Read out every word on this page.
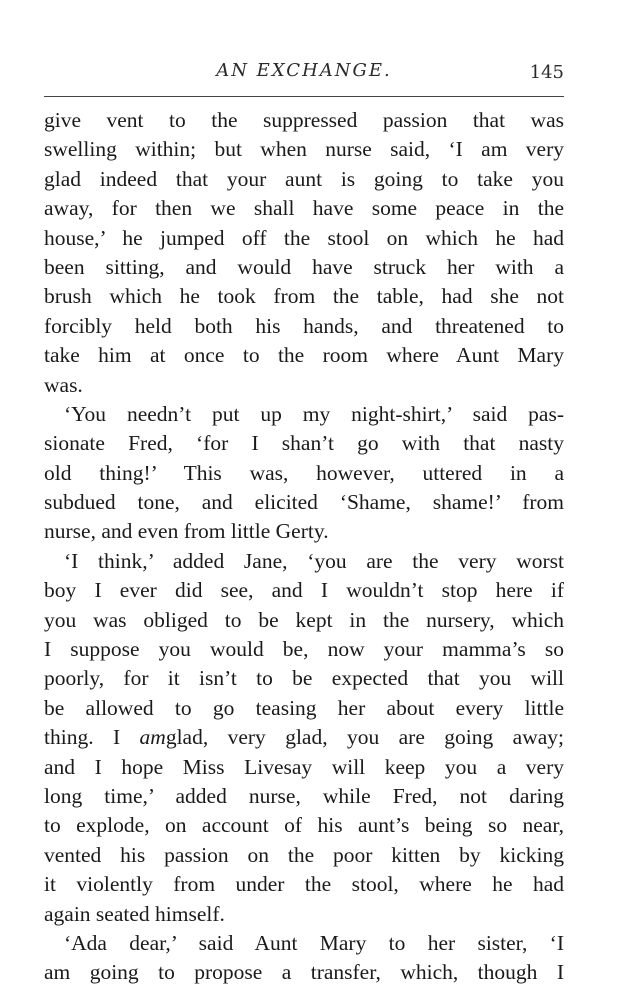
AN EXCHANGE.	145

give vent to the suppressed passion that was
swelling within; but when nurse said, ‘I am very
glad indeed that your aunt is going to take you
away, for then we shall have some peace in the
house,’ he jumped off the stool on which he had
been sitting, and would have struck her with a
brush which he took from the table, had she not
forcibly held both his hands, and threatened to
take him at once to the room where Aunt Mary
was.

‘You needn’t put up my night-shirt,’ said pas-
sionate Fred, ‘for I shan’t go with that nasty
old thing!’ This was, however, uttered in a
subdued tone, and elicited ‘Shame, shame!’ from
nurse, and even from little Gerty.

‘I think,’ added Jane, ‘you are the very worst
boy I ever did see, and I wouldn’t stop here if
you was obliged to be kept in the nursery, which
I suppose you would be, now your mamma’s so
poorly, for it isn’t to be expected that you will
be allowed to go teasing her about every little
thing. I amglad, very glad, you are going away;
and I hope Miss Livesay will keep you a very
long time,’ added nurse, while Fred, not daring
to explode, on account of his aunt’s being so near,
vented his passion on the poor kitten by kicking
it violently from under the stool, where he had
again seated himself.

‘Ada dear,’ said Aunt Mary to her sister, ‘I
am going to propose a transfer, which, though I
